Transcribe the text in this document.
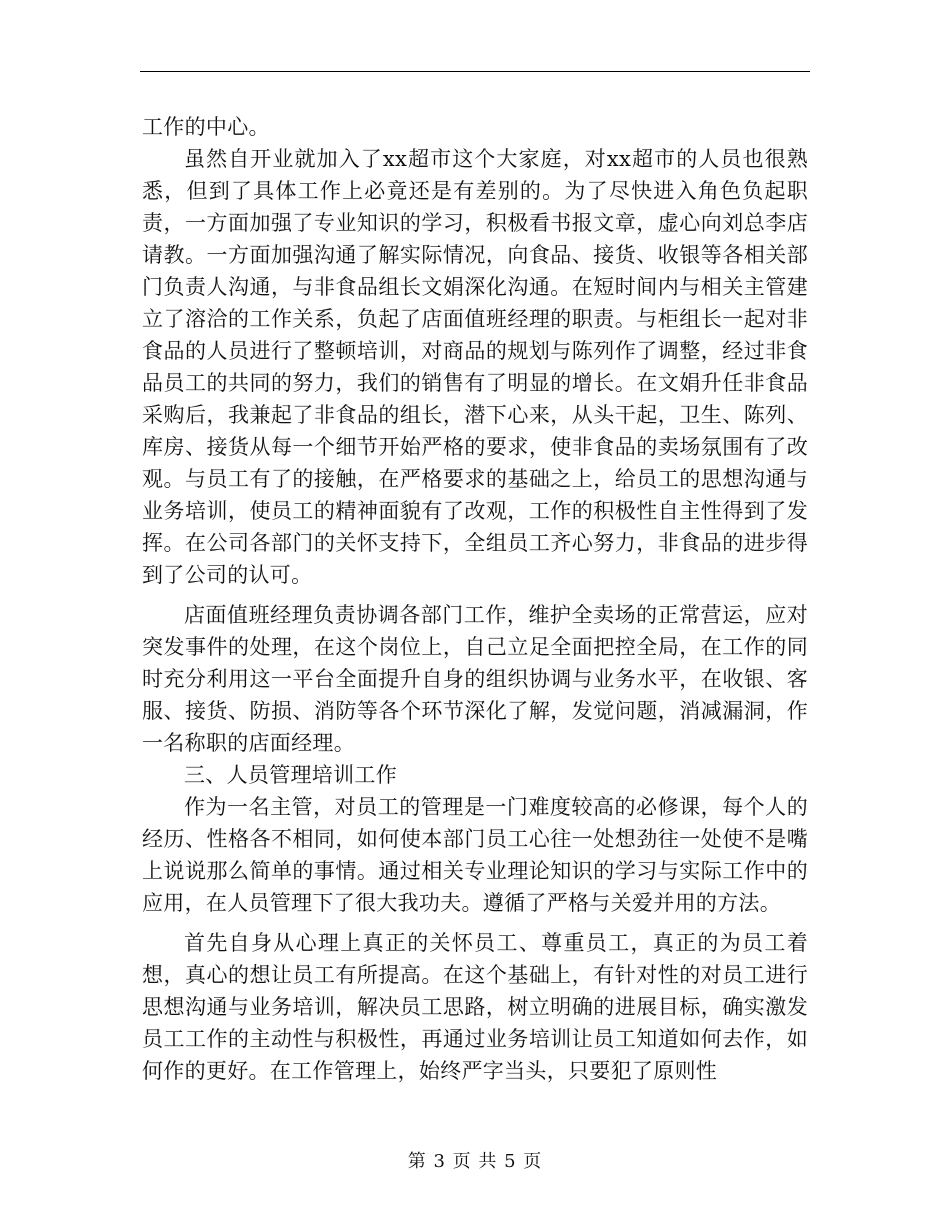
工作的中心。

虽然自开业就加入了xx超市这个大家庭，对xx超市的人员也很熟悉，但到了具体工作上必竟还是有差别的。为了尽快进入角色负起职责，一方面加强了专业知识的学习，积极看书报文章，虚心向刘总李店请教。一方面加强沟通了解实际情况，向食品、接货、收银等各相关部门负责人沟通，与非食品组长文娟深化沟通。在短时间内与相关主管建立了溶洽的工作关系，负起了店面值班经理的职责。与柜组长一起对非食品的人员进行了整顿培训，对商品的规划与陈列作了调整，经过非食品员工的共同的努力，我们的销售有了明显的增长。在文娟升任非食品采购后，我兼起了非食品的组长，潜下心来，从头干起，卫生、陈列、库房、接货从每一个细节开始严格的要求，使非食品的卖场氛围有了改观。与员工有了的接触，在严格要求的基础之上，给员工的思想沟通与业务培训，使员工的精神面貌有了改观，工作的积极性自主性得到了发挥。在公司各部门的关怀支持下，全组员工齐心努力，非食品的进步得到了公司的认可。

店面值班经理负责协调各部门工作，维护全卖场的正常营运，应对突发事件的处理，在这个岗位上，自己立足全面把控全局，在工作的同时充分利用这一平台全面提升自身的组织协调与业务水平，在收银、客服、接货、防损、消防等各个环节深化了解，发觉问题，消减漏洞，作一名称职的店面经理。

三、人员管理培训工作

作为一名主管，对员工的管理是一门难度较高的必修课，每个人的经历、性格各不相同，如何使本部门员工心往一处想劲往一处使不是嘴上说说那么简单的事情。通过相关专业理论知识的学习与实际工作中的应用，在人员管理下了很大我功夫。遵循了严格与关爱并用的方法。

首先自身从心理上真正的关怀员工、尊重员工，真正的为员工着想，真心的想让员工有所提高。在这个基础上，有针对性的对员工进行思想沟通与业务培训，解决员工思路，树立明确的进展目标，确实激发员工工作的主动性与积极性，再通过业务培训让员工知道如何去作，如何作的更好。在工作管理上，始终严字当头，只要犯了原则性

第 3 页 共 5 页
